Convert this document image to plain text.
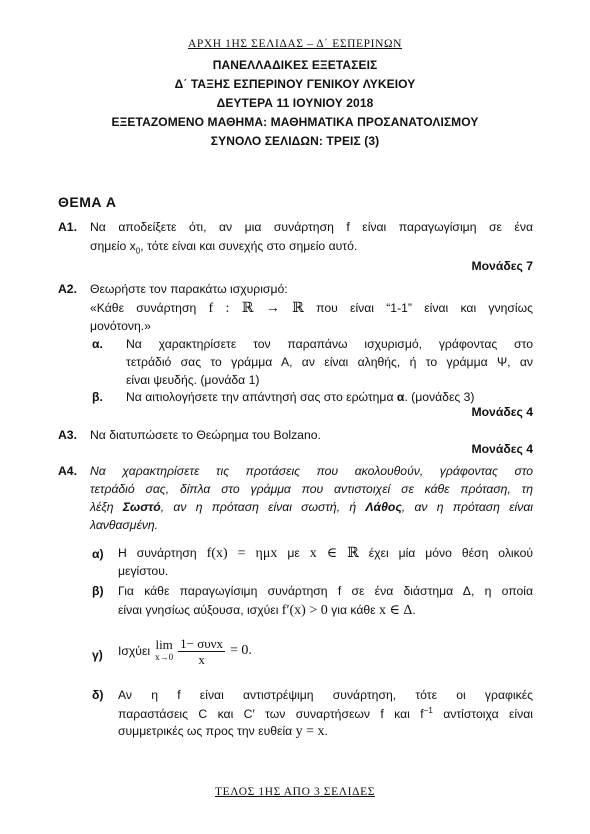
ΑΡΧΗ 1ΗΣ ΣΕΛΙΔΑΣ – Δ΄ ΕΣΠΕΡΙΝΩΝ
ΠΑΝΕΛΛΑΔΙΚΕΣ ΕΞΕΤΑΣΕΙΣ
Δ΄ ΤΑΞΗΣ ΕΣΠΕΡΙΝΟΥ ΓΕΝΙΚΟΥ ΛΥΚΕΙΟΥ
ΔΕΥΤΕΡΑ 11 ΙΟΥΝΙΟΥ 2018
ΕΞΕΤΑΖΟΜΕΝΟ ΜΑΘΗΜΑ: ΜΑΘΗΜΑΤΙΚΑ ΠΡΟΣΑΝΑΤΟΛΙΣΜΟΥ
ΣΥΝΟΛΟ ΣΕΛΙΔΩΝ: ΤΡΕΙΣ (3)
ΘΕΜΑ Α
Α1. Να αποδείξετε ότι, αν μια συνάρτηση f είναι παραγωγίσιμη σε ένα
σημείο $x_0$, τότε είναι και συνεχής στο σημείο αυτό.
Μονάδες 7
Α2. Θεωρήστε τον παρακάτω ισχυρισμό:
«Κάθε συνάρτηση f : ℝ → ℝ που είναι “1-1” είναι και γνησίως
μονότονη.»
α. Να χαρακτηρίσετε τον παραπάνω ισχυρισμό, γράφοντας στο
τετράδιό σας το γράμμα Α, αν είναι αληθής, ή το γράμμα Ψ, αν
είναι ψευδής. (μονάδα 1)
β. Να αιτιολογήσετε την απάντησή σας στο ερώτημα α. (μονάδες 3)
Μονάδες 4
Α3. Να διατυπώσετε το Θεώρημα του Bolzano.
Μονάδες 4
Α4. Να χαρακτηρίσετε τις προτάσεις που ακολουθούν, γράφοντας στο
τετράδιό σας, δίπλα στο γράμμα που αντιστοιχεί σε κάθε πρόταση, τη
λέξη Σωστό, αν η πρόταση είναι σωστή, ή Λάθος, αν η πρόταση είναι
λανθασμένη.
α) Η συνάρτηση f(x) = ημx με x ∈ ℝ έχει μία μόνο θέση ολικού
μεγίστου.
β) Για κάθε παραγωγίσιμη συνάρτηση f σε ένα διάστημα Δ, η οποία
είναι γνησίως αύξουσα, ισχύει f′(x) > 0 για κάθε x ∈ Δ.
γ) Ισχύει lim
$x\to 0 \frac{\text{1− συνx}}{x} = 0$.
δ) Αν η f είναι αντιστρέψιμη συνάρτηση, τότε οι γραφικές
παραστάσεις C και C′ των συναρτήσεων f και $f^{-1}$ αντίστοιχα είναι
συμμετρικές ως προς την ευθεία y = x.
ΤΕΛΟΣ 1ΗΣ ΑΠΟ 3 ΣΕΛΙΔΕΣ
